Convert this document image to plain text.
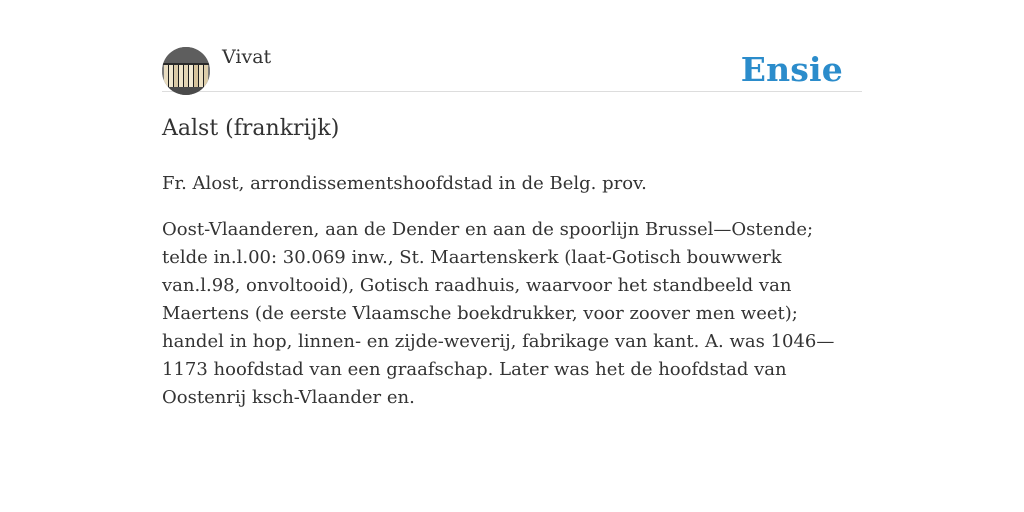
Vivat	Ensie
Aalst (frankrijk)
Fr. Alost, arrondissementshoofdstad in de Belg. prov.
Oost-Vlaanderen, aan de Dender en aan de spoorlijn Brussel—Ostende; telde in.l.00: 30.069 inw., St. Maartenskerk (laat-Gotisch bouwwerk van.l.98, onvoltooid), Gotisch raadhuis, waarvoor het standbeeld van Maertens (de eerste Vlaamsche boekdrukker, voor zoover men weet); handel in hop, linnen- en zijde-weverij, fabrikage van kant. A. was 1046—1173 hoofdstad van een graafschap. Later was het de hoofdstad van Oostenrij ksch-Vlaander en.
